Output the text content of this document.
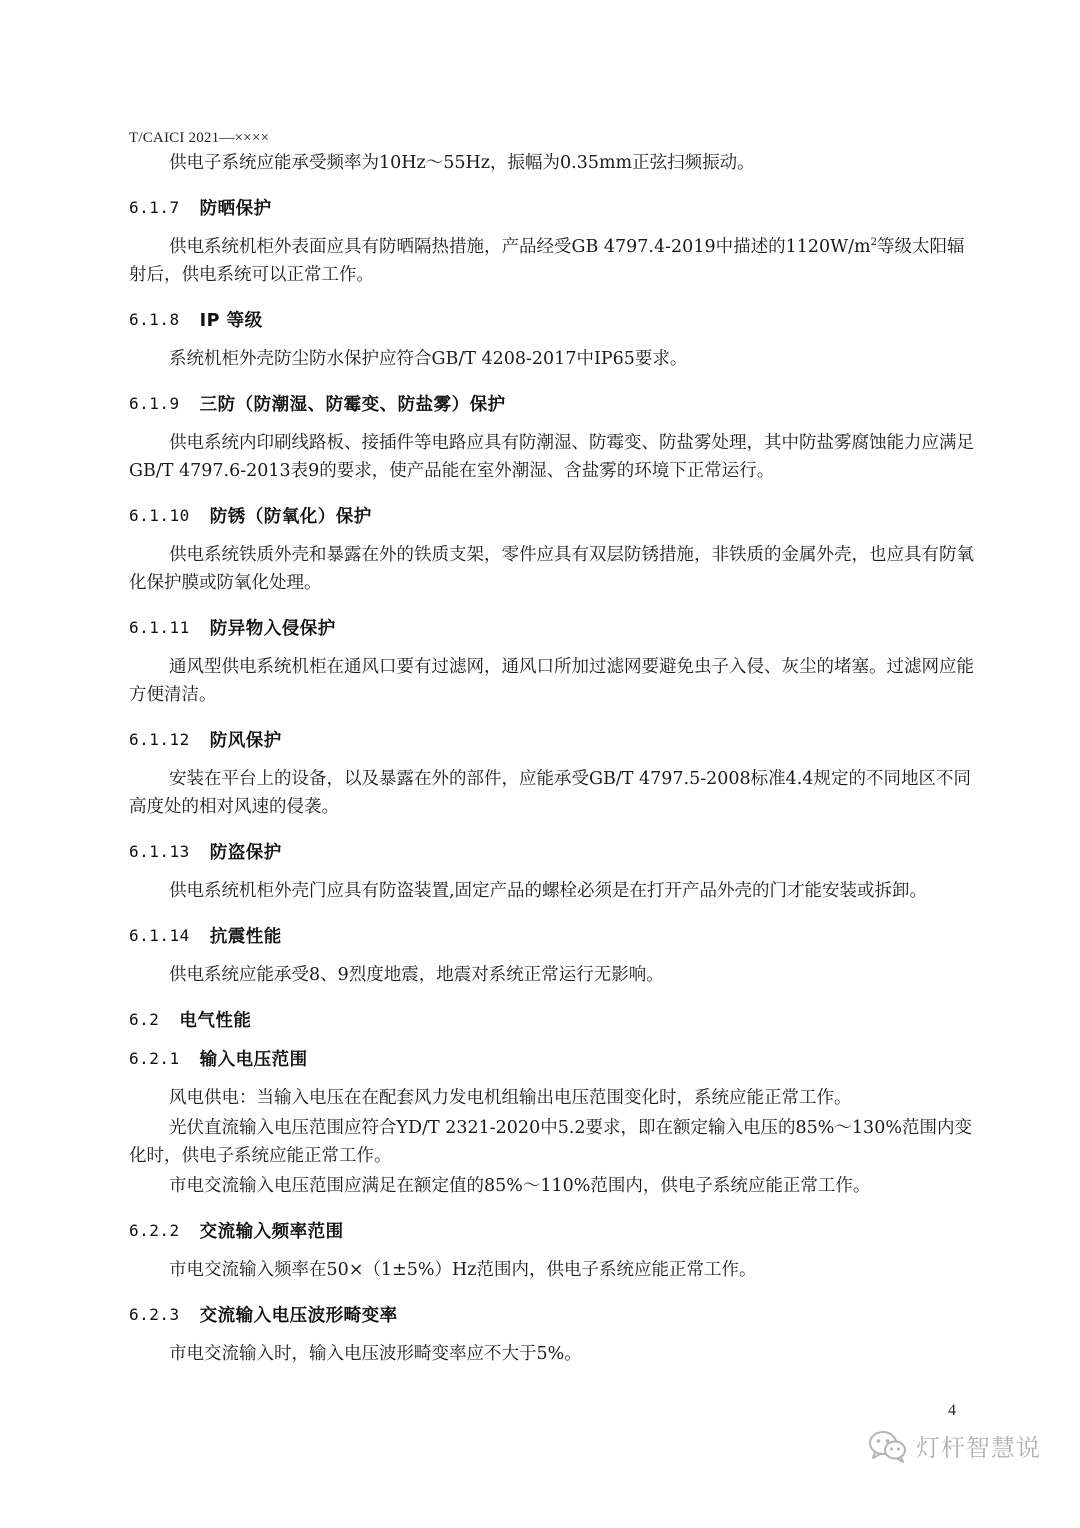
T/CAICI 2021—××××

供电子系统应能承受频率为10Hz～55Hz，振幅为0.35mm正弦扫频振动。

6.1.7 防晒保护

供电系统机柜外表面应具有防晒隔热措施，产品经受GB 4797.4-2019中描述的$1120W/m^2$等级太阳辐射后，供电系统可以正常工作。

6.1.8 IP 等级

系统机柜外壳防尘防水保护应符合GB/T 4208-2017中IP65要求。

6.1.9 三防（防潮湿、防霉变、防盐雾）保护

供电系统内印刷线路板、接插件等电路应具有防潮湿、防霉变、防盐雾处理，其中防盐雾腐蚀能力应满足GB/T 4797.6-2013表9的要求，使产品能在室外潮湿、含盐雾的环境下正常运行。

6.1.10 防锈（防氧化）保护

供电系统铁质外壳和暴露在外的铁质支架，零件应具有双层防锈措施，非铁质的金属外壳，也应具有防氧化保护膜或防氧化处理。

6.1.11 防异物入侵保护

通风型供电系统机柜在通风口要有过滤网，通风口所加过滤网要避免虫子入侵、灰尘的堵塞。过滤网应能方便清洁。

6.1.12 防风保护

安装在平台上的设备，以及暴露在外的部件，应能承受GB/T 4797.5-2008标准4.4规定的不同地区不同高度处的相对风速的侵袭。

6.1.13 防盗保护

供电系统机柜外壳门应具有防盗装置,固定产品的螺栓必须是在打开产品外壳的门才能安装或拆卸。

6.1.14 抗震性能

供电系统应能承受8、9烈度地震，地震对系统正常运行无影响。

6.2 电气性能
6.2.1 输入电压范围

风电供电：当输入电压在在配套风力发电机组输出电压范围变化时，系统应能正常工作。

光伏直流输入电压范围应符合YD/T 2321-2020中5.2要求，即在额定输入电压的85%～130%范围内变化时，供电子系统应能正常工作。

市电交流输入电压范围应满足在额定值的85%～110%范围内，供电子系统应能正常工作。

6.2.2 交流输入频率范围

市电交流输入频率在50×（1±5%）Hz范围内，供电子系统应能正常工作。

6.2.3 交流输入电压波形畸变率

市电交流输入时，输入电压波形畸变率应不大于5%。

4
灯杆智慧说
